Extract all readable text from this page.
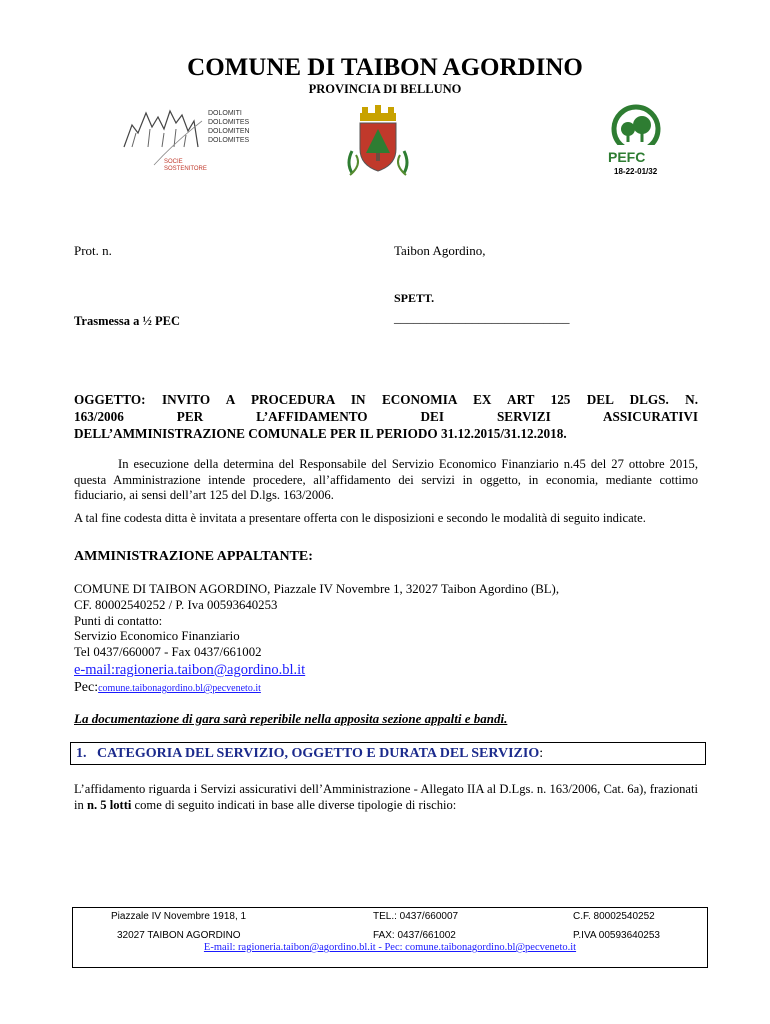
COMUNE DI TAIBON AGORDINO
PROVINCIA DI BELLUNO
DOLOMITI
DOLOMITES
DOLOMITEN
DOLOMITES
SOCIE
SOSTENITORE
PEFC
18-22-01/32
Prot. n.	Taibon Agordino,
SPETT.
Trasmessa a ½ PEC	___________________________
OGGETTO: INVITO A PROCEDURA IN ECONOMIA EX ART 125 DEL DLGS. N.
163/2006 PER L’AFFIDAMENTO DEI SERVIZI ASSICURATIVI
DELL’AMMINISTRAZIONE COMUNALE PER IL PERIODO 31.12.2015/31.12.2018.
In esecuzione della determina del Responsabile del Servizio Economico Finanziario n.45 del 27 ottobre 2015, questa Amministrazione intende procedere, all’affidamento dei servizi in oggetto, in economia, mediante cottimo fiduciario, ai sensi dell’art 125 del D.lgs. 163/2006.
A tal fine codesta ditta è invitata a presentare offerta con le disposizioni e secondo le modalità di seguito indicate.
AMMINISTRAZIONE APPALTANTE:
COMUNE DI TAIBON AGORDINO, Piazzale IV Novembre 1, 32027 Taibon Agordino (BL),
CF. 80002540252 / P. Iva 00593640253
Punti di contatto:
Servizio Economico Finanziario
Tel 0437/660007 - Fax 0437/661002
e-mail:ragioneria.taibon@agordino.bl.it
Pec:comune.taibonagordino.bl@pecveneto.it
La documentazione di gara sarà reperibile nella apposita sezione appalti e bandi.
1. CATEGORIA DEL SERVIZIO, OGGETTO E DURATA DEL SERVIZIO:
L’affidamento riguarda i Servizi assicurativi dell’Amministrazione - Allegato IIA al D.Lgs. n. 163/2006, Cat. 6a), frazionati in n. 5 lotti come di seguito indicati in base alle diverse tipologie di rischio:
Piazzale IV Novembre 1918, 1	TEL.: 0437/660007	C.F. 80002540252
32027 TAIBON AGORDINO	FAX: 0437/661002	P.IVA 00593640253
E-mail: ragioneria.taibon@agordino.bl.it - Pec: comune.taibonagordino.bl@pecveneto.it
